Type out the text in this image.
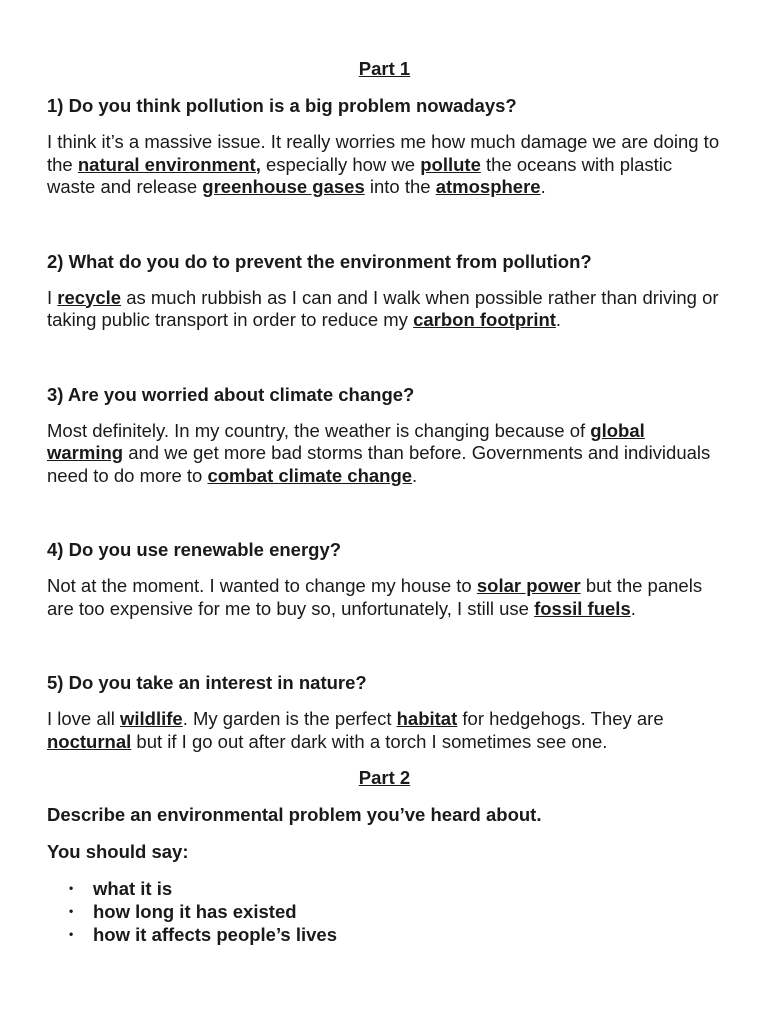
Part 1

1) Do you think pollution is a big problem nowadays?

I think it’s a massive issue. It really worries me how much damage we are doing to the natural environment, especially how we pollute the oceans with plastic waste and release greenhouse gases into the atmosphere.

2) What do you do to prevent the environment from pollution?

I recycle as much rubbish as I can and I walk when possible rather than driving or taking public transport in order to reduce my carbon footprint.

3) Are you worried about climate change?

Most definitely. In my country, the weather is changing because of global warming and we get more bad storms than before. Governments and individuals need to do more to combat climate change.

4) Do you use renewable energy?

Not at the moment. I wanted to change my house to solar power but the panels are too expensive for me to buy so, unfortunately, I still use fossil fuels.

5) Do you take an interest in nature?

I love all wildlife. My garden is the perfect habitat for hedgehogs. They are nocturnal but if I go out after dark with a torch I sometimes see one.

Part 2

Describe an environmental problem you’ve heard about.

You should say:

• what it is
• how long it has existed
• how it affects people’s lives
